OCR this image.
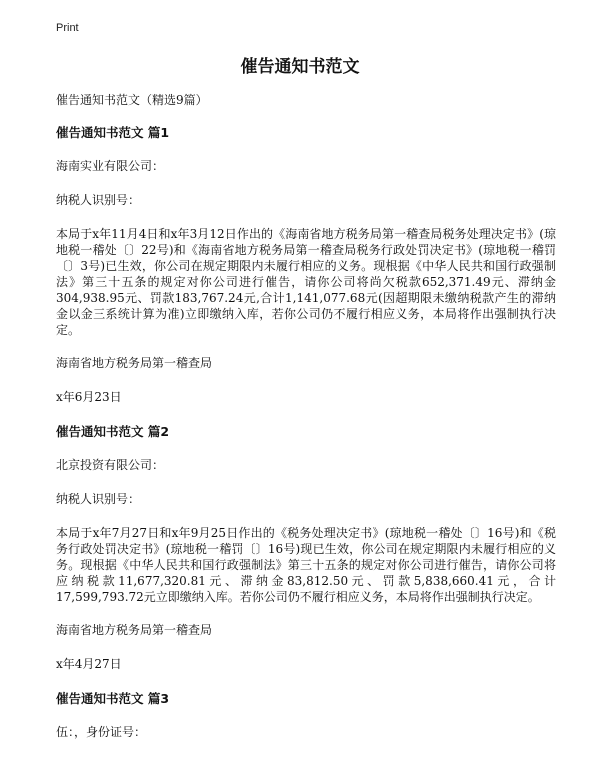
Print
催告通知书范文

催告通知书范文（精选9篇）

催告通知书范文 篇1

海南实业有限公司：

纳税人识别号：

本局于x年11月4日和x年3月12日作出的《海南省地方税务局第一稽查局税务处理决定书》(琼地税一稽处〔〕22号)和《海南省地方税务局第一稽查局税务行政处罚决定书》(琼地税一稽罚〔〕3号)已生效，你公司在规定期限内未履行相应的义务。现根据《中华人民共和国行政强制法》第三十五条的规定对你公司进行催告，请你公司将尚欠税款652,371.49元、滞纳金304,938.95元、罚款183,767.24元,合计1,141,077.68元(因超期限未缴纳税款产生的滞纳金以金三系统计算为准)立即缴纳入库，若你公司仍不履行相应义务，本局将作出强制执行决定。

海南省地方税务局第一稽查局

x年6月23日

催告通知书范文 篇2

北京投资有限公司：

纳税人识别号：

本局于x年7月27日和x年9月25日作出的《税务处理决定书》(琼地税一稽处〔〕16号)和《税务行政处罚决定书》(琼地税一稽罚〔〕16号)现已生效，你公司在规定期限内未履行相应的义务。现根据《中华人民共和国行政强制法》第三十五条的规定对你公司进行催告，请你公司将应纳税款11,677,320.81元、滞纳金83,812.50元、罚款5,838,660.41元，合计17,599,793.72元立即缴纳入库。若你公司仍不履行相应义务，本局将作出强制执行决定。

海南省地方税务局第一稽查局

x年4月27日

催告通知书范文 篇3

伍：，身份证号：
